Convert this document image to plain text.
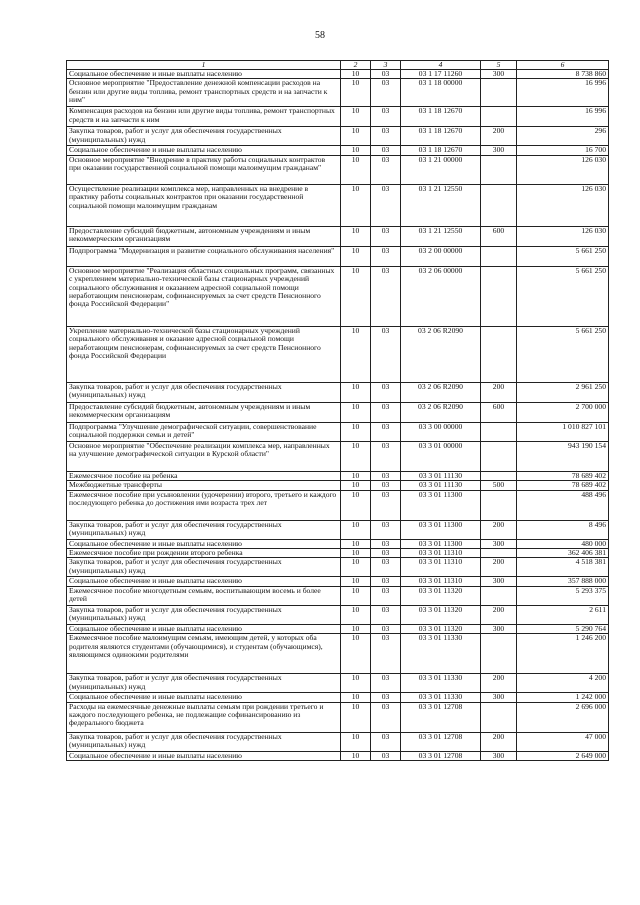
58
1	2	3	4	5	6
Социальное обеспечение и иные выплаты населению	10	03	03 1 17 11260	300	8 738 860
Основное мероприятие "Предоставление денежной компенсации расходов на бензин или другие виды топлива, ремонт транспортных средств и на запчасти к ним"	10	03	03 1 18 00000		16 996
Компенсация расходов на бензин или другие виды топлива, ремонт транспортных средств и на запчасти к ним	10	03	03 1 18 12670		16 996
Закупка товаров, работ и услуг для обеспечения государственных (муниципальных) нужд	10	03	03 1 18 12670	200	296
Социальное обеспечение и иные выплаты населению	10	03	03 1 18 12670	300	16 700
Основное мероприятие "Внедрение в практику работы социальных контрактов при оказании государственной социальной помощи малоимущим гражданам"	10	03	03 1 21 00000		126 030
Осуществление реализации комплекса мер, направленных на внедрение в практику работы социальных контрактов при оказании государственной социальной помощи малоимущим гражданам	10	03	03 1 21 12550		126 030
Предоставление субсидий бюджетным, автономным учреждениям и иным некоммерческим организациям	10	03	03 1 21 12550	600	126 030
Подпрограмма "Модернизация и развитие социального обслуживания населения"	10	03	03 2 00 00000		5 661 250
Основное мероприятие "Реализация областных социальных программ, связанных с укреплением материально-технической базы стационарных учреждений социального обслуживания и оказанием адресной социальной помощи неработающим пенсионерам, софинансируемых за счет средств Пенсионного фонда Российской Федерации"	10	03	03 2 06 00000		5 661 250
Укрепление материально-технической базы стационарных учреждений социального обслуживания и оказание адресной социальной помощи неработающим пенсионерам, софинансируемых за счет средств Пенсионного фонда Российской Федерации	10	03	03 2 06 R2090		5 661 250
Закупка товаров, работ и услуг для обеспечения государственных (муниципальных) нужд	10	03	03 2 06 R2090	200	2 961 250
Предоставление субсидий бюджетным, автономным учреждениям и иным некоммерческим организациям	10	03	03 2 06 R2090	600	2 700 000
Подпрограмма "Улучшение демографической ситуации, совершенствование социальной поддержки семьи и детей"	10	03	03 3 00 00000		1 010 827 101
Основное мероприятие "Обеспечение реализации комплекса мер, направленных на улучшение демографической ситуации в Курской области"	10	03	03 3 01 00000		943 190 154
Ежемесячное пособие на ребенка	10	03	03 3 01 11130		78 689 402
Межбюджетные трансферты	10	03	03 3 01 11130	500	78 689 402
Ежемесячное пособие при усыновлении (удочерении) второго, третьего и каждого последующего ребенка до достижения ими возраста трех лет	10	03	03 3 01 11300		488 496
Закупка товаров, работ и услуг для обеспечения государственных (муниципальных) нужд	10	03	03 3 01 11300	200	8 496
Социальное обеспечение и иные выплаты населению	10	03	03 3 01 11300	300	480 000
Ежемесячное пособие при рождении второго ребенка	10	03	03 3 01 11310		362 406 381
Закупка товаров, работ и услуг для обеспечения государственных (муниципальных) нужд	10	03	03 3 01 11310	200	4 518 381
Социальное обеспечение и иные выплаты населению	10	03	03 3 01 11310	300	357 888 000
Ежемесячное пособие многодетным семьям, воспитывающим восемь и более детей	10	03	03 3 01 11320		5 293 375
Закупка товаров, работ и услуг для обеспечения государственных (муниципальных) нужд	10	03	03 3 01 11320	200	2 611
Социальное обеспечение и иные выплаты населению	10	03	03 3 01 11320	300	5 290 764
Ежемесячное пособие малоимущим семьям, имеющим детей, у которых оба родителя являются студентами (обучающимися), и студентам (обучающимся), являющимся одинокими родителями	10	03	03 3 01 11330		1 246 200
Закупка товаров, работ и услуг для обеспечения государственных (муниципальных) нужд	10	03	03 3 01 11330	200	4 200
Социальное обеспечение и иные выплаты населению	10	03	03 3 01 11330	300	1 242 000
Расходы на ежемесячные денежные выплаты семьям при рождении третьего и каждого последующего ребенка, не подлежащие софинансированию из федерального бюджета	10	03	03 3 01 12708		2 696 000
Закупка товаров, работ и услуг для обеспечения государственных (муниципальных) нужд	10	03	03 3 01 12708	200	47 000
Социальное обеспечение и иные выплаты населению	10	03	03 3 01 12708	300	2 649 000
